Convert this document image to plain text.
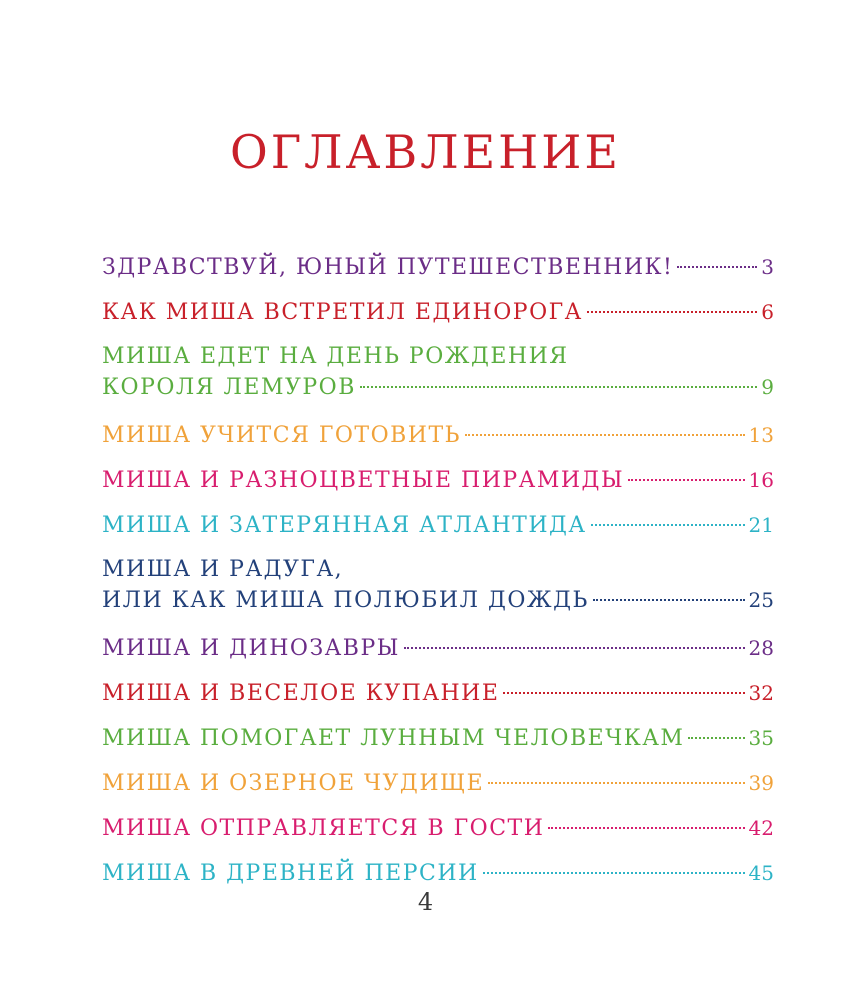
ОГЛАВЛЕНИЕ
ЗДРАВСТВУЙ, ЮНЫЙ ПУТЕШЕСТВЕННИК!	3
КАК МИША ВСТРЕТИЛ ЕДИНОРОГА	6
МИША ЕДЕТ НА ДЕНЬ РОЖДЕНИЯ
КОРОЛЯ ЛЕМУРОВ	9
МИША УЧИТСЯ ГОТОВИТЬ	13
МИША И РАЗНОЦВЕТНЫЕ ПИРАМИДЫ	16
МИША И ЗАТЕРЯННАЯ АТЛАНТИДА	21
МИША И РАДУГА,
ИЛИ КАК МИША ПОЛЮБИЛ ДОЖДЬ	25
МИША И ДИНОЗАВРЫ	28
МИША И ВЕСЕЛОЕ КУПАНИЕ	32
МИША ПОМОГАЕТ ЛУННЫМ ЧЕЛОВЕЧКАМ	35
МИША И ОЗЕРНОЕ ЧУДИЩЕ	39
МИША ОТПРАВЛЯЕТСЯ В ГОСТИ	42
МИША В ДРЕВНЕЙ ПЕРСИИ	45
4
